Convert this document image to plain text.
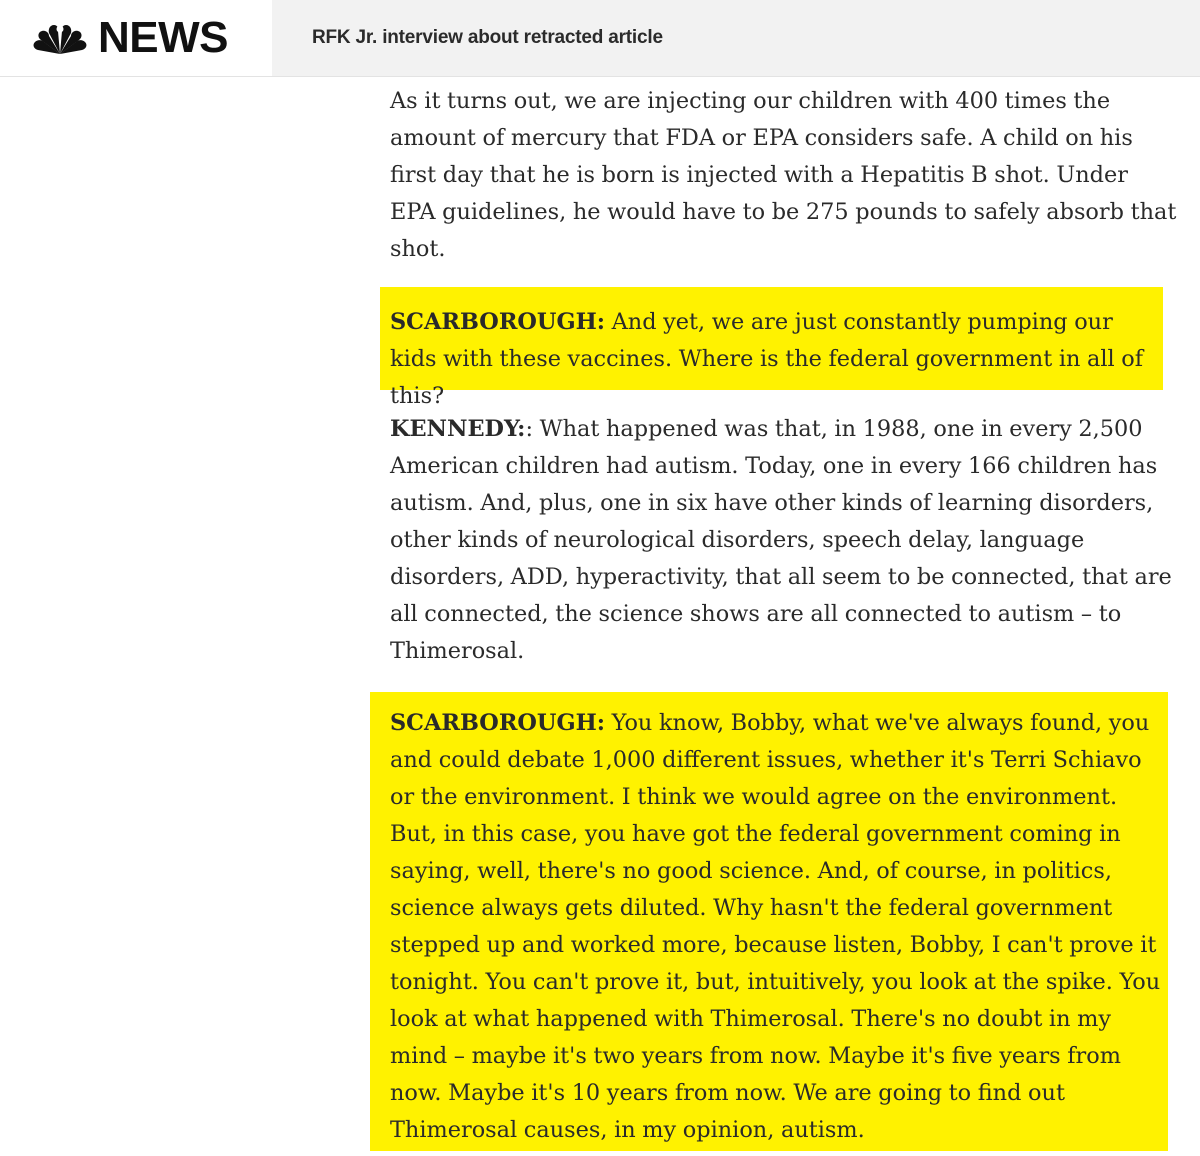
NEWS	RFK Jr. interview about retracted article

As it turns out, we are injecting our children with 400 times the amount of mercury that FDA or EPA considers safe. A child on his first day that he is born is injected with a Hepatitis B shot. Under EPA guidelines, he would have to be 275 pounds to safely absorb that shot.

SCARBOROUGH: And yet, we are just constantly pumping our kids with these vaccines. Where is the federal government in all of this?

KENNEDY:: What happened was that, in 1988, one in every 2,500 American children had autism. Today, one in every 166 children has autism. And, plus, one in six have other kinds of learning disorders, other kinds of neurological disorders, speech delay, language disorders, ADD, hyperactivity, that all seem to be connected, that are all connected, the science shows are all connected to autism – to Thimerosal.

SCARBOROUGH: You know, Bobby, what we've always found, you and could debate 1,000 different issues, whether it's Terri Schiavo or the environment. I think we would agree on the environment. But, in this case, you have got the federal government coming in saying, well, there's no good science. And, of course, in politics, science always gets diluted. Why hasn't the federal government stepped up and worked more, because listen, Bobby, I can't prove it tonight. You can't prove it, but, intuitively, you look at the spike. You look at what happened with Thimerosal. There's no doubt in my mind – maybe it's two years from now. Maybe it's five years from now. Maybe it's 10 years from now. We are going to find out Thimerosal causes, in my opinion, autism.
